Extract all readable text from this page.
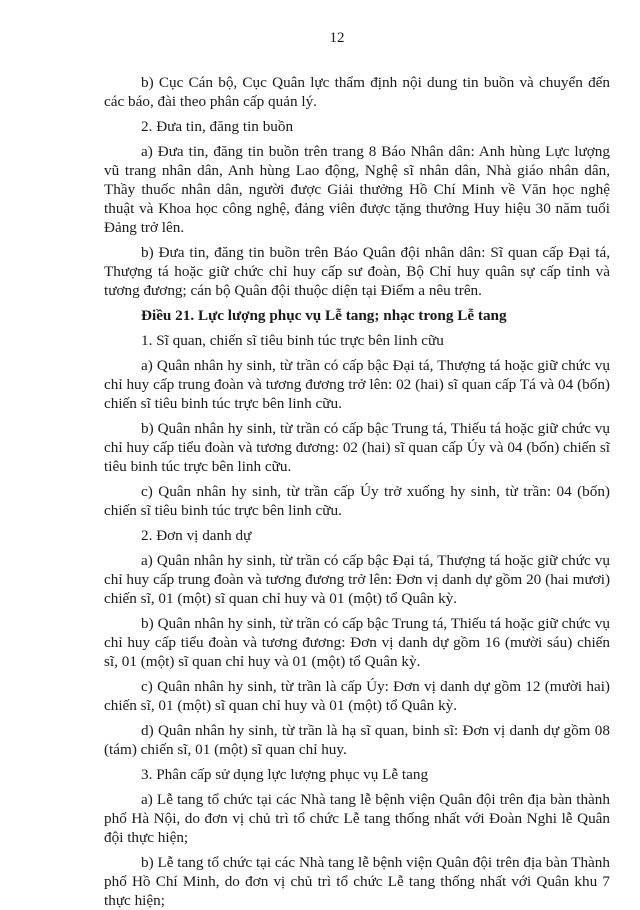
12

b) Cục Cán bộ, Cục Quân lực thẩm định nội dung tin buồn và chuyển đến các báo, đài theo phân cấp quản lý.

2. Đưa tin, đăng tin buồn

a) Đưa tin, đăng tin buồn trên trang 8 Báo Nhân dân: Anh hùng Lực lượng vũ trang nhân dân, Anh hùng Lao động, Nghệ sĩ nhân dân, Nhà giáo nhân dân, Thầy thuốc nhân dân, người được Giải thưởng Hồ Chí Minh về Văn học nghệ thuật và Khoa học công nghệ, đảng viên được tặng thưởng Huy hiệu 30 năm tuổi Đảng trở lên.

b) Đưa tin, đăng tin buồn trên Báo Quân đội nhân dân: Sĩ quan cấp Đại tá, Thượng tá hoặc giữ chức chỉ huy cấp sư đoàn, Bộ Chỉ huy quân sự cấp tỉnh và tương đương; cán bộ Quân đội thuộc diện tại Điểm a nêu trên.

Điều 21. Lực lượng phục vụ Lễ tang; nhạc trong Lễ tang

1. Sĩ quan, chiến sĩ tiêu binh túc trực bên linh cữu

a) Quân nhân hy sinh, từ trần có cấp bậc Đại tá, Thượng tá hoặc giữ chức vụ chỉ huy cấp trung đoàn và tương đương trở lên: 02 (hai) sĩ quan cấp Tá và 04 (bốn) chiến sĩ tiêu binh túc trực bên linh cữu.

b) Quân nhân hy sinh, từ trần có cấp bậc Trung tá, Thiếu tá hoặc giữ chức vụ chỉ huy cấp tiểu đoàn và tương đương: 02 (hai) sĩ quan cấp Úy và 04 (bốn) chiến sĩ tiêu binh túc trực bên linh cữu.

c) Quân nhân hy sinh, từ trần cấp Úy trở xuống hy sinh, từ trần: 04 (bốn) chiến sĩ tiêu binh túc trực bên linh cữu.

2. Đơn vị danh dự

a) Quân nhân hy sinh, từ trần có cấp bậc Đại tá, Thượng tá hoặc giữ chức vụ chỉ huy cấp trung đoàn và tương đương trở lên: Đơn vị danh dự gồm 20 (hai mươi) chiến sĩ, 01 (một) sĩ quan chỉ huy và 01 (một) tổ Quân kỳ.

b) Quân nhân hy sinh, từ trần có cấp bậc Trung tá, Thiếu tá hoặc giữ chức vụ chỉ huy cấp tiểu đoàn và tương đương: Đơn vị danh dự gồm 16 (mười sáu) chiến sĩ, 01 (một) sĩ quan chỉ huy và 01 (một) tổ Quân kỳ.

c) Quân nhân hy sinh, từ trần là cấp Úy: Đơn vị danh dự gồm 12 (mười hai) chiến sĩ, 01 (một) sĩ quan chỉ huy và 01 (một) tổ Quân kỳ.

d) Quân nhân hy sinh, từ trần là hạ sĩ quan, binh sĩ: Đơn vị danh dự gồm 08 (tám) chiến sĩ, 01 (một) sĩ quan chỉ huy.

3. Phân cấp sử dụng lực lượng phục vụ Lễ tang

a) Lễ tang tổ chức tại các Nhà tang lễ bệnh viện Quân đội trên địa bàn thành phố Hà Nội, do đơn vị chủ trì tổ chức Lễ tang thống nhất với Đoàn Nghi lễ Quân đội thực hiện;

b) Lễ tang tổ chức tại các Nhà tang lễ bệnh viện Quân đội trên địa bàn Thành phố Hồ Chí Minh, do đơn vị chủ trì tổ chức Lễ tang thống nhất với Quân khu 7 thực hiện;
